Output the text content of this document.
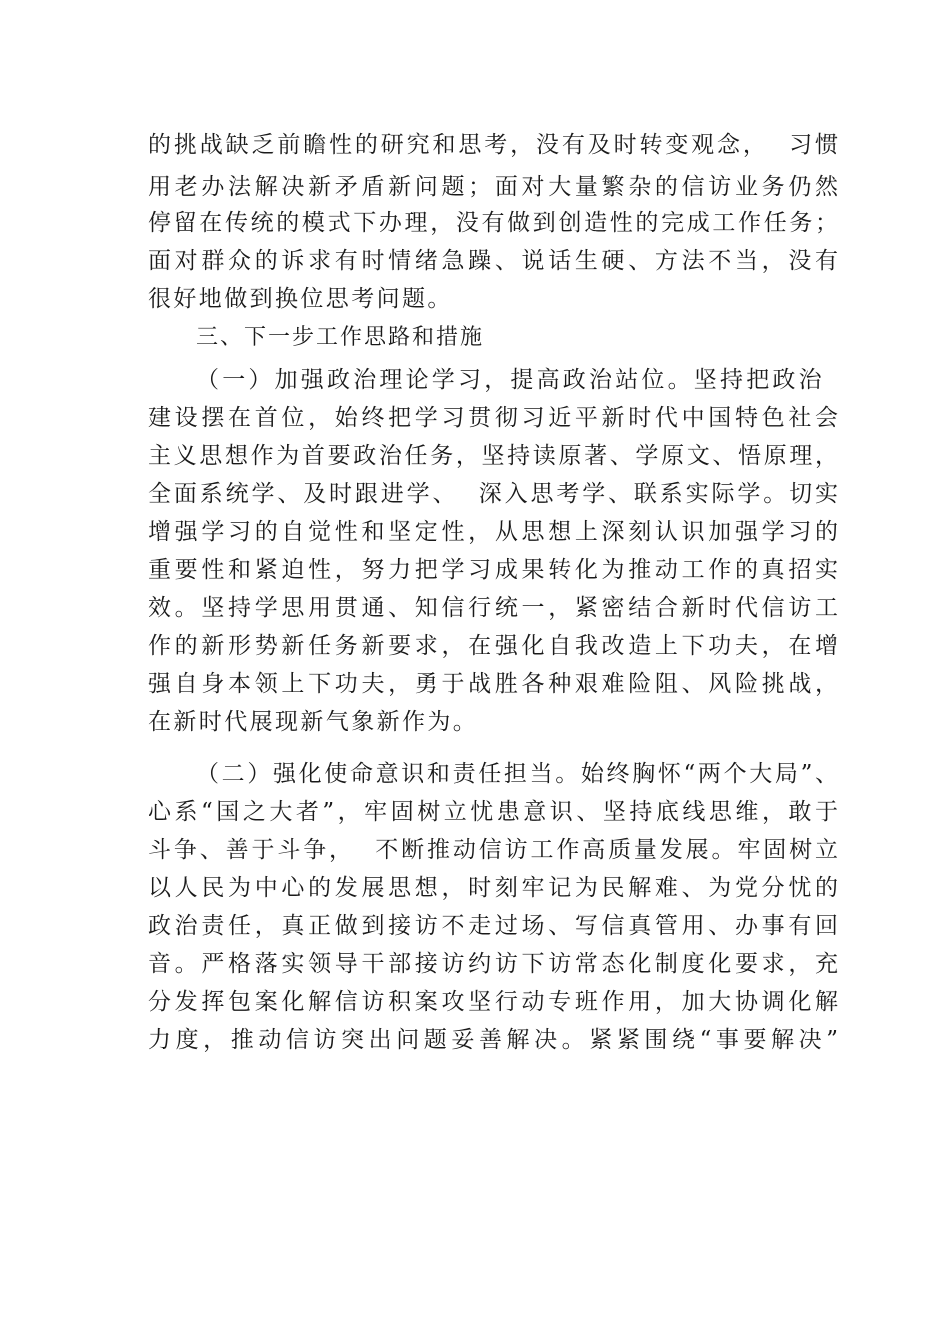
的挑战缺乏前瞻性的研究和思考，没有及时转变观念，  习惯
用老办法解决新矛盾新问题；面对大量繁杂的信访业务仍然
停留在传统的模式下办理，没有做到创造性的完成工作任务；
面对群众的诉求有时情绪急躁、说话生硬、方法不当，没有
很好地做到换位思考问题。
三、下一步工作思路和措施
（一）加强政治理论学习，提高政治站位。坚持把政治
建设摆在首位，始终把学习贯彻习近平新时代中国特色社会
主义思想作为首要政治任务，坚持读原著、学原文、悟原理，
全面系统学、及时跟进学、  深入思考学、联系实际学。切实
增强学习的自觉性和坚定性，从思想上深刻认识加强学习的
重要性和紧迫性，努力把学习成果转化为推动工作的真招实
效。坚持学思用贯通、知信行统一，紧密结合新时代信访工
作的新形势新任务新要求，在强化自我改造上下功夫，在增
强自身本领上下功夫，勇于战胜各种艰难险阻、风险挑战，
在新时代展现新气象新作为。
（二）强化使命意识和责任担当。始终胸怀“两个大局”、
心系“国之大者”，牢固树立忧患意识、坚持底线思维，敢于
斗争、善于斗争，  不断推动信访工作高质量发展。牢固树立
以人民为中心的发展思想，时刻牢记为民解难、为党分忧的
政治责任，真正做到接访不走过场、写信真管用、办事有回
音。严格落实领导干部接访约访下访常态化制度化要求，充
分发挥包案化解信访积案攻坚行动专班作用，加大协调化解
力度，推动信访突出问题妥善解决。紧紧围绕“事要解决”
